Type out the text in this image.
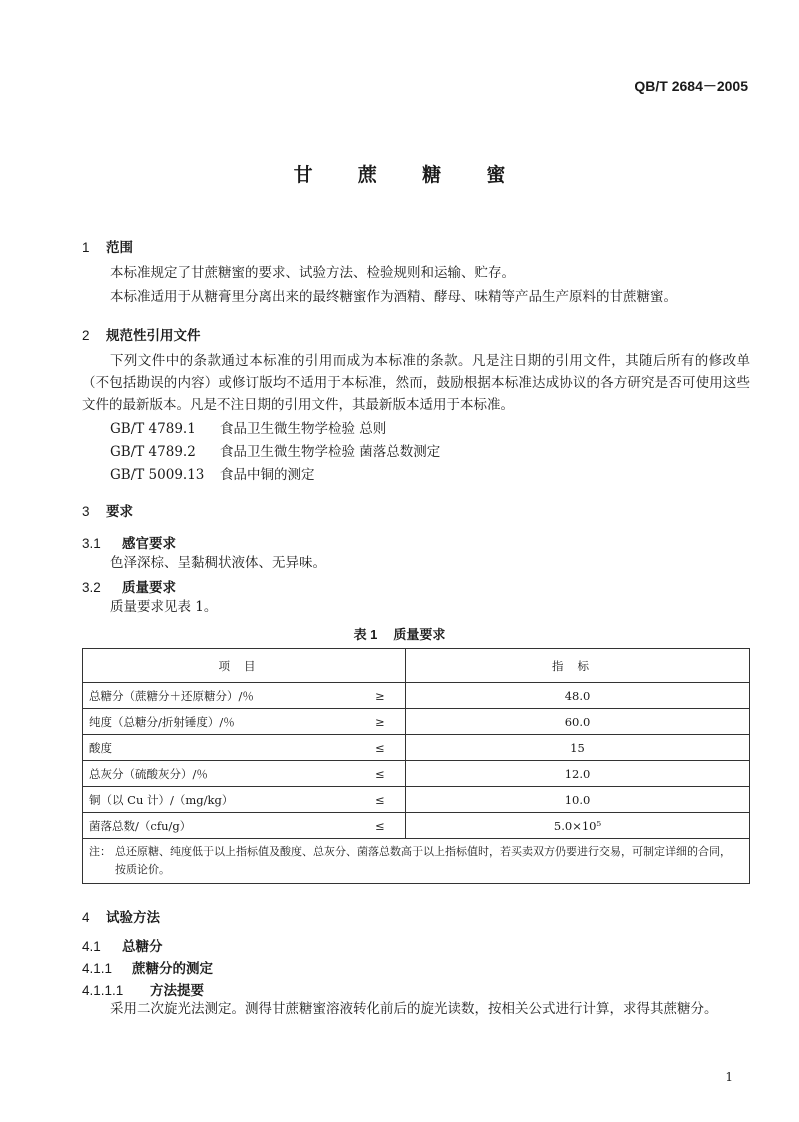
QB/T 2684－2005
甘 蔗 糖 蜜
1 范围
本标准规定了甘蔗糖蜜的要求、试验方法、检验规则和运输、贮存。
本标准适用于从糖膏里分离出来的最终糖蜜作为酒精、酵母、味精等产品生产原料的甘蔗糖蜜。
2 规范性引用文件
下列文件中的条款通过本标准的引用而成为本标准的条款。凡是注日期的引用文件，其随后所有的修改单（不包括勘误的内容）或修订版均不适用于本标准，然而，鼓励根据本标准达成协议的各方研究是否可使用这些文件的最新版本。凡是不注日期的引用文件，其最新版本适用于本标准。
GB/T 4789.1 食品卫生微生物学检验 总则
GB/T 4789.2 食品卫生微生物学检验 菌落总数测定
GB/T 5009.13 食品中铜的测定
3 要求
3.1 感官要求
色泽深棕、呈黏稠状液体、无异味。
3.2 质量要求
质量要求见表 1。
表 1 质量要求
项目		指标
总糖分（蔗糖分＋还原糖分）/％	≥	48.0
纯度（总糖分/折射锤度）/％	≥	60.0
酸度	≤	15
总灰分（硫酸灰分）/％	≤	12.0
铜（以 Cu 计）/（mg/kg）	≤	10.0
菌落总数/（cfu/g）	≤	5.0×10⁵

注： 总还原糖、纯度低于以上指标值及酸度、总灰分、菌落总数高于以上指标值时，若买卖双方仍要进行交易，可制定详细的合同，按质论价。		
4 试验方法
4.1 总糖分
4.1.1 蔗糖分的测定
4.1.1.1 方法提要
采用二次旋光法测定。测得甘蔗糖蜜溶液转化前后的旋光读数，按相关公式进行计算，求得其蔗糖分。
1
